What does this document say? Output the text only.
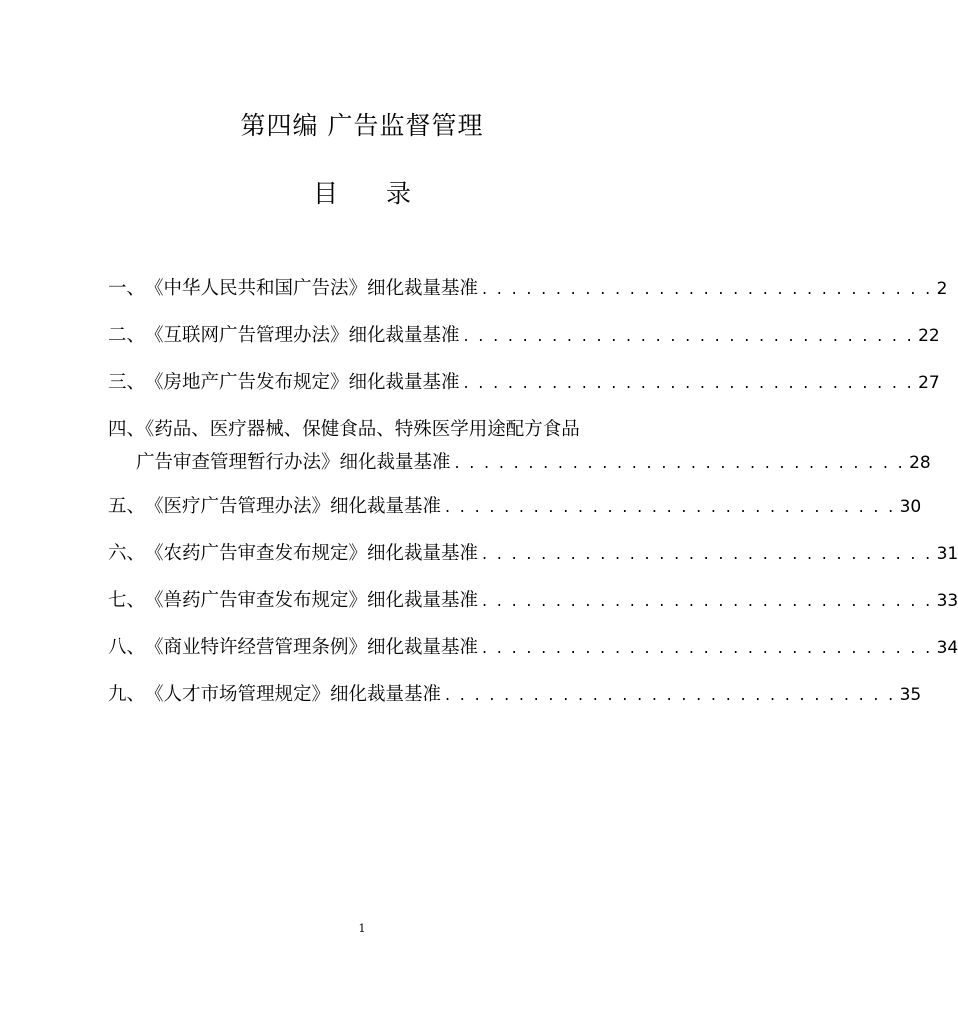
第四编 广告监督管理
目 录
一、 《中华人民共和国广告法》细化裁量基准 . . . . . . . . . . . . . . . . . . . . . . . . . . . . . . . 2
二、 《互联网广告管理办法》细化裁量基准 . . . . . . . . . . . . . . . . . . . . . . . . . . . . . . . 22
三、 《房地产广告发布规定》细化裁量基准 . . . . . . . . . . . . . . . . . . . . . . . . . . . . . . . 27
四、《药品、医疗器械、保健食品、特殊医学用途配方食品
广告审查管理暂行办法》细化裁量基准 . . . . . . . . . . . . . . . . . . . . . . . . . . . . . . . 28
五、 《医疗广告管理办法》细化裁量基准 . . . . . . . . . . . . . . . . . . . . . . . . . . . . . . . 30
六、 《农药广告审查发布规定》细化裁量基准 . . . . . . . . . . . . . . . . . . . . . . . . . . . . . . . 31
七、 《兽药广告审查发布规定》细化裁量基准 . . . . . . . . . . . . . . . . . . . . . . . . . . . . . . . 33
八、 《商业特许经营管理条例》细化裁量基准 . . . . . . . . . . . . . . . . . . . . . . . . . . . . . . . 34
九、 《人才市场管理规定》细化裁量基准 . . . . . . . . . . . . . . . . . . . . . . . . . . . . . . . 35
1
